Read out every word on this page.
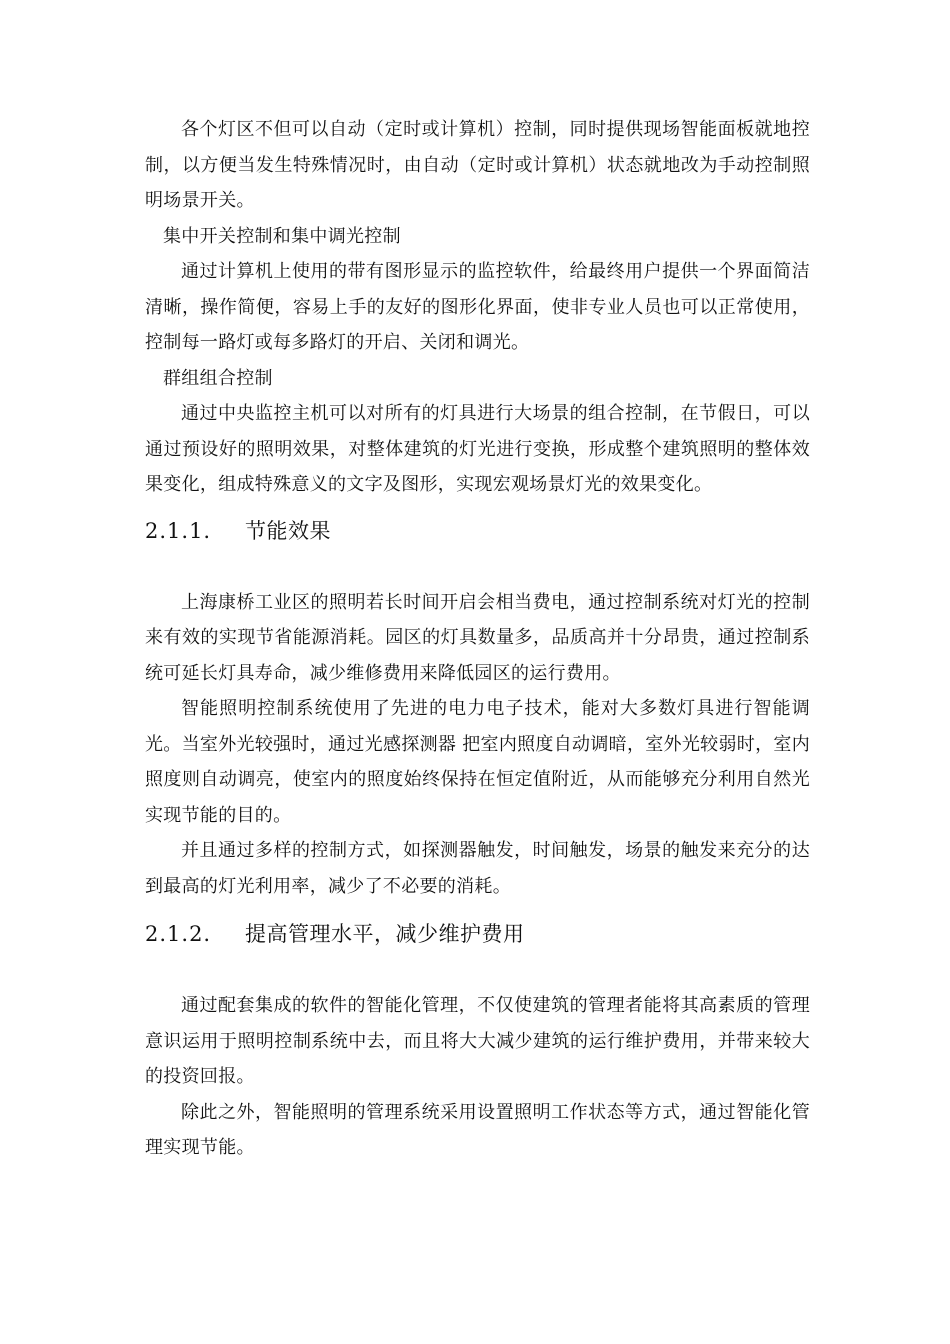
各个灯区不但可以自动（定时或计算机）控制，同时提供现场智能面板就地控制，以方便当发生特殊情况时，由自动（定时或计算机）状态就地改为手动控制照明场景开关。

集中开关控制和集中调光控制

通过计算机上使用的带有图形显示的监控软件，给最终用户提供一个界面简洁清晰，操作简便，容易上手的友好的图形化界面，使非专业人员也可以正常使用，控制每一路灯或每多路灯的开启、关闭和调光。

群组组合控制

通过中央监控主机可以对所有的灯具进行大场景的组合控制，在节假日，可以通过预设好的照明效果，对整体建筑的灯光进行变换，形成整个建筑照明的整体效果变化，组成特殊意义的文字及图形，实现宏观场景灯光的效果变化。

2.1.1.	节能效果

上海康桥工业区的照明若长时间开启会相当费电，通过控制系统对灯光的控制来有效的实现节省能源消耗。园区的灯具数量多，品质高并十分昂贵，通过控制系统可延长灯具寿命，减少维修费用来降低园区的运行费用。

智能照明控制系统使用了先进的电力电子技术，能对大多数灯具进行智能调光。当室外光较强时，通过光感探测器 把室内照度自动调暗，室外光较弱时，室内照度则自动调亮，使室内的照度始终保持在恒定值附近，从而能够充分利用自然光实现节能的目的。

并且通过多样的控制方式，如探测器触发，时间触发，场景的触发来充分的达到最高的灯光利用率，减少了不必要的消耗。

2.1.2.	提高管理水平，减少维护费用

通过配套集成的软件的智能化管理，不仅使建筑的管理者能将其高素质的管理意识运用于照明控制系统中去，而且将大大减少建筑的运行维护费用，并带来较大的投资回报。

除此之外，智能照明的管理系统采用设置照明工作状态等方式，通过智能化管理实现节能。
